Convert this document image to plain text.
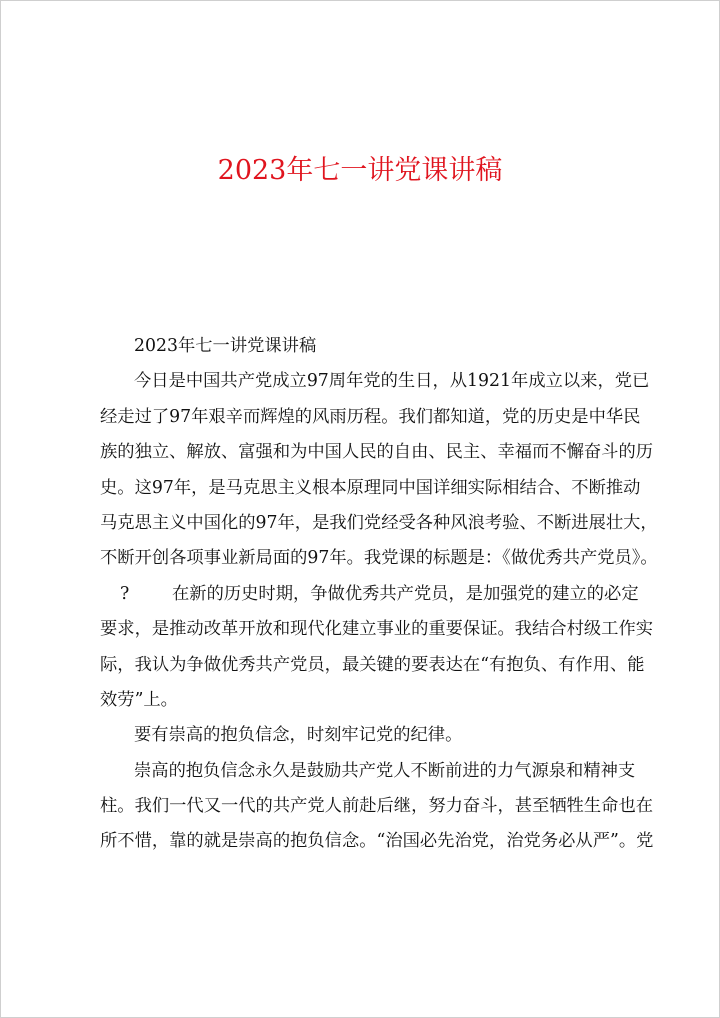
2023年七一讲党课讲稿
2023年七一讲党课讲稿
今日是中国共产党成立97周年党的生日，从1921年成立以来，党已
经走过了97年艰辛而辉煌的风雨历程。我们都知道，党的历史是中华民
族的独立、解放、富强和为中国人民的自由、民主、幸福而不懈奋斗的历
史。这97年，是马克思主义根本原理同中国详细实际相结合、不断推动
马克思主义中国化的97年，是我们党经受各种风浪考验、不断进展壮大，
不断开创各项事业新局面的97年。我党课的标题是：《做优秀共产党员》。
? 在新的历史时期，争做优秀共产党员，是加强党的建立的必定
要求，是推动改革开放和现代化建立事业的重要保证。我结合村级工作实
际，我认为争做优秀共产党员，最关键的要表达在“有抱负、有作用、能
效劳”上。
要有崇高的抱负信念，时刻牢记党的纪律。
崇高的抱负信念永久是鼓励共产党人不断前进的力气源泉和精神支
柱。我们一代又一代的共产党人前赴后继，努力奋斗，甚至牺牲生命也在
所不惜，靠的就是崇高的抱负信念。“治国必先治党，治党务必从严”。党
